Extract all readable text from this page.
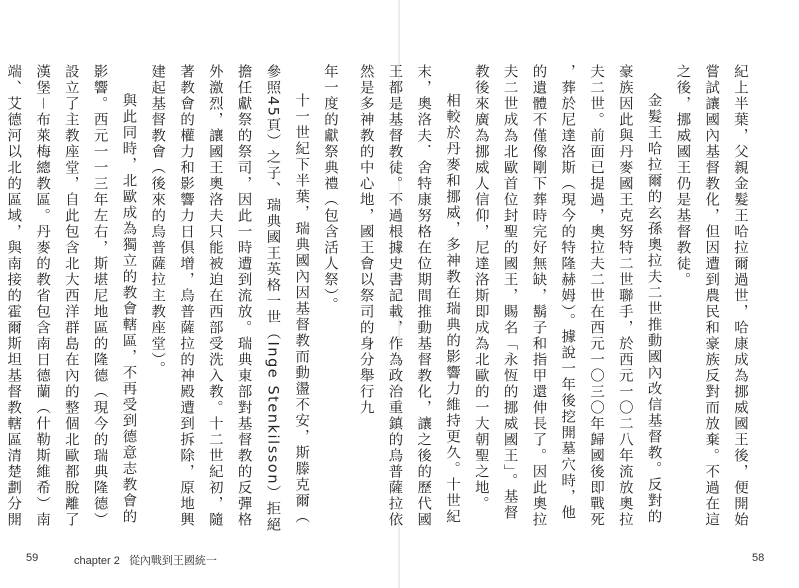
年一度的獻祭典禮（包含活人祭）。

十一世紀下半葉，瑞典國內因基督教而動盪不安，斯滕克爾（參照45頁）之子、瑞典國王英格一世（Inge Stenkilsson）拒絕擔任獻祭的祭司，因此一時遭到流放。瑞典東部對基督教的反彈格外激烈，讓國王奧洛夫只能被迫在西部受洗入教。十二世紀初，隨著教會的權力和影響力日俱增，烏普薩拉的神殿遭到拆除，原地興建起基督教會（後來的烏普薩拉主教座堂）。

與此同時，北歐成為獨立的教會轄區，不再受到德意志教會的影響。西元一一三年左右，斯堪尼地區的隆德（現今的瑞典隆德）設立了主教座堂，自此包含北大西洋群島在內的整個北歐都脫離了漢堡－布萊梅總教區。丹麥的教省包含南日德蘭（什勒斯維希）南端、艾德河以北的區域，與南接的霍爾斯坦基督教轄區清楚劃分開

59	chapter 2 從內戰到王國統一

紀上半葉，父親金髮王哈拉爾過世，哈康成為挪威國王後，便開始嘗試讓國內基督教化，但因遭到農民和豪族反對而放棄。不過在這之後，挪威國王仍是基督教徒。

金髮王哈拉爾的玄孫奧拉夫二世推動國內改信基督教。反對的豪族因此與丹麥國王克努特二世聯手，於西元一〇二八年流放奧拉夫二世。前面已提過，奧拉夫二世在西元一〇三〇年歸國後即戰死，葬於尼達洛斯（現今的特隆赫姆）。據說一年後挖開墓穴時，他的遺體不僅像剛下葬時完好無缺，鬍子和指甲還伸長了。因此奧拉夫二世成為北歐首位封聖的國王，賜名「永恆的挪威國王」。基督教後來廣為挪威人信仰，尼達洛斯即成為北歐的一大朝聖之地。

相較於丹麥和挪威，多神教在瑞典的影響力維持更久。十世紀末，奧洛夫．舍特康努格在位期間推動基督教化，讓之後的歷代國王都是基督教徒。不過根據史書記載，作為政治重鎮的烏普薩拉依然是多神教的中心地，國王會以祭司的身分舉行九

58
